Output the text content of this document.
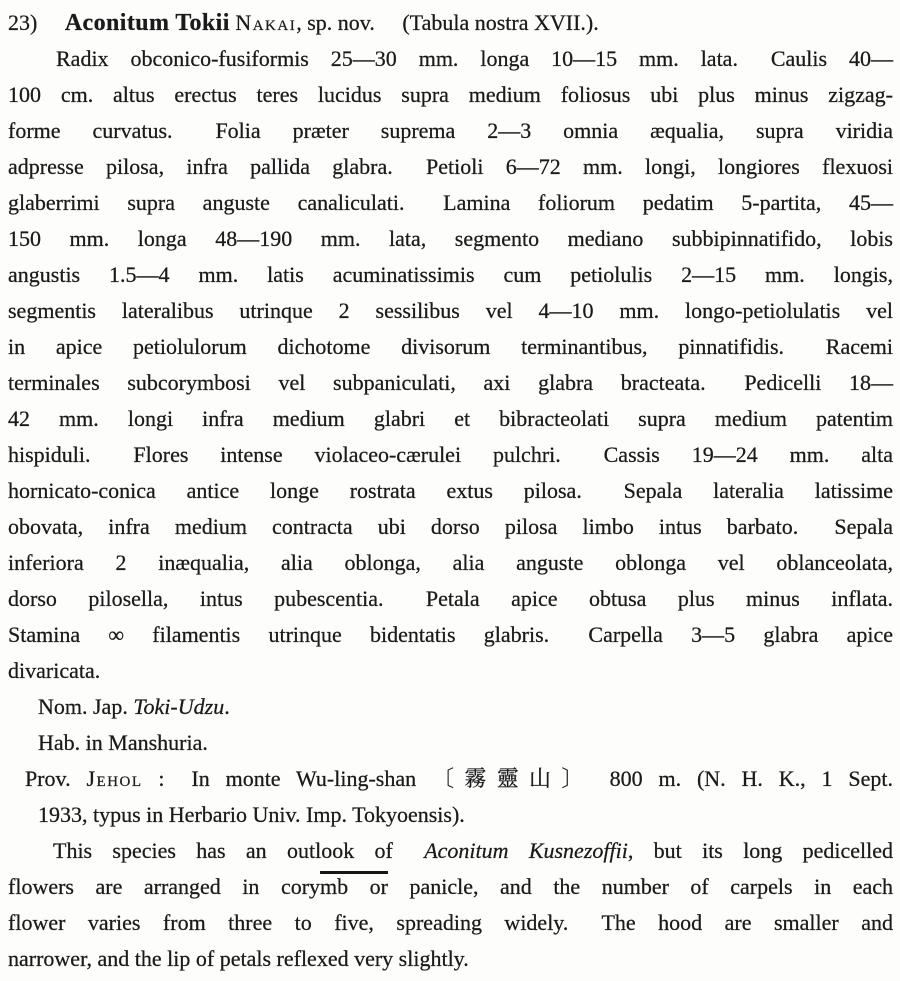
23)  Aconitum Tokii Nakai, sp. nov.  (Tabula nostra XVII.).
Radix obconico-fusiformis 25—30 mm. longa 10—15 mm. lata.  Caulis 40—
100 cm. altus erectus teres lucidus supra medium foliosus ubi plus minus zigzag-
forme curvatus.  Folia præter suprema 2—3 omnia æqualia, supra viridia
adpresse pilosa, infra pallida glabra.  Petioli 6—72 mm. longi, longiores flexuosi
glaberrimi supra anguste canaliculati.  Lamina foliorum pedatim 5-partita, 45—
150 mm. longa 48—190 mm. lata, segmento mediano subbipinnatifido, lobis
angustis 1.5—4 mm. latis acuminatissimis cum petiolulis 2—15 mm. longis,
segmentis lateralibus utrinque 2 sessilibus vel 4—10 mm. longo-petiolulatis vel
in apice petiolulorum dichotome divisorum terminantibus, pinnatifidis.  Racemi
terminales subcorymbosi vel subpaniculati, axi glabra bracteata.  Pedicelli 18—
42 mm. longi infra medium glabri et bibracteolati supra medium patentim
hispiduli.  Flores intense violaceo-cærulei pulchri.  Cassis 19—24 mm. alta
hornicato-conica antice longe rostrata extus pilosa.  Sepala lateralia latissime
obovata, infra medium contracta ubi dorso pilosa limbo intus barbato.  Sepala
inferiora 2 inæqualia, alia oblonga, alia anguste oblonga vel oblanceolata,
dorso pilosella, intus pubescentia.  Petala apice obtusa plus minus inflata.
Stamina ∞ filamentis utrinque bidentatis glabris.  Carpella 3—5 glabra apice
divaricata.
Nom. Jap. Toki-Udzu.
Hab. in Manshuria.
Prov. Jehol :  In monte Wu-ling-shan 〔霧靈山〕 800 m. (N. H. K., 1 Sept.
1933, typus in Herbario Univ. Imp. Tokyoensis).
This species has an outlook of  Aconitum Kusnezoffii, but its long pedicelled
flowers are arranged in corymb or panicle, and the number of carpels in each
flower varies from three to five, spreading widely.  The hood are smaller and
narrower, and the lip of petals reflexed very slightly.
